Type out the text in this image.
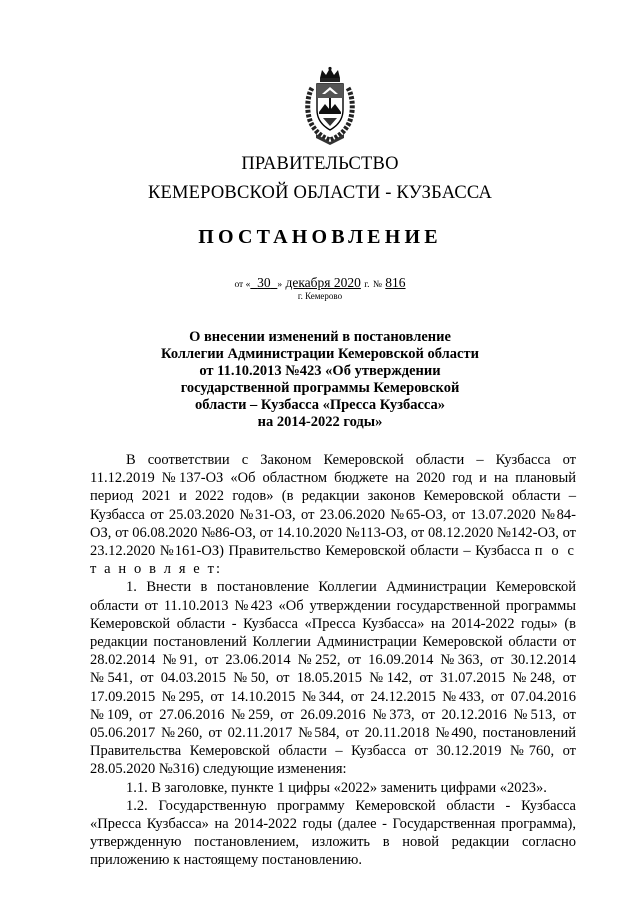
ПРАВИТЕЛЬСТВО
КЕМЕРОВСКОЙ ОБЛАСТИ - КУЗБАССА
ПОСТАНОВЛЕНИЕ
от « 30 » декабря 2020 г. № 816
г. Кемерово
О внесении изменений в постановление
Коллегии Администрации Кемеровской области
от 11.10.2013 №423 «Об утверждении
государственной программы Кемеровской
области – Кузбасса «Пресса Кузбасса»
на 2014-2022 годы»

В соответствии с Законом Кемеровской области – Кузбасса от 11.12.2019 №137-ОЗ «Об областном бюджете на 2020 год и на плановый период 2021 и 2022 годов» (в редакции законов Кемеровской области – Кузбасса от 25.03.2020 №31-ОЗ, от 23.06.2020 №65-ОЗ, от 13.07.2020 №84-ОЗ, от 06.08.2020 №86-ОЗ, от 14.10.2020 №113-ОЗ, от 08.12.2020 №142-ОЗ, от 23.12.2020 №161-ОЗ) Правительство Кемеровской области – Кузбасса п о с т а н о в л я е т:

1. Внести в постановление Коллегии Администрации Кемеровской области от 11.10.2013 №423 «Об утверждении государственной программы Кемеровской области - Кузбасса «Пресса Кузбасса» на 2014-2022 годы» (в редакции постановлений Коллегии Администрации Кемеровской области от 28.02.2014 №91, от 23.06.2014 №252, от 16.09.2014 №363, от 30.12.2014 №541, от 04.03.2015 №50, от 18.05.2015 №142, от 31.07.2015 №248, от 17.09.2015 №295, от 14.10.2015 №344, от 24.12.2015 №433, от 07.04.2016 №109, от 27.06.2016 №259, от 26.09.2016 №373, от 20.12.2016 №513, от 05.06.2017 №260, от 02.11.2017 №584, от 20.11.2018 №490, постановлений Правительства Кемеровской области – Кузбасса от 30.12.2019 №760, от 28.05.2020 №316) следующие изменения:

1.1. В заголовке, пункте 1 цифры «2022» заменить цифрами «2023».

1.2. Государственную программу Кемеровской области - Кузбасса «Пресса Кузбасса» на 2014-2022 годы (далее - Государственная программа), утвержденную постановлением, изложить в новой редакции согласно приложению к настоящему постановлению.
